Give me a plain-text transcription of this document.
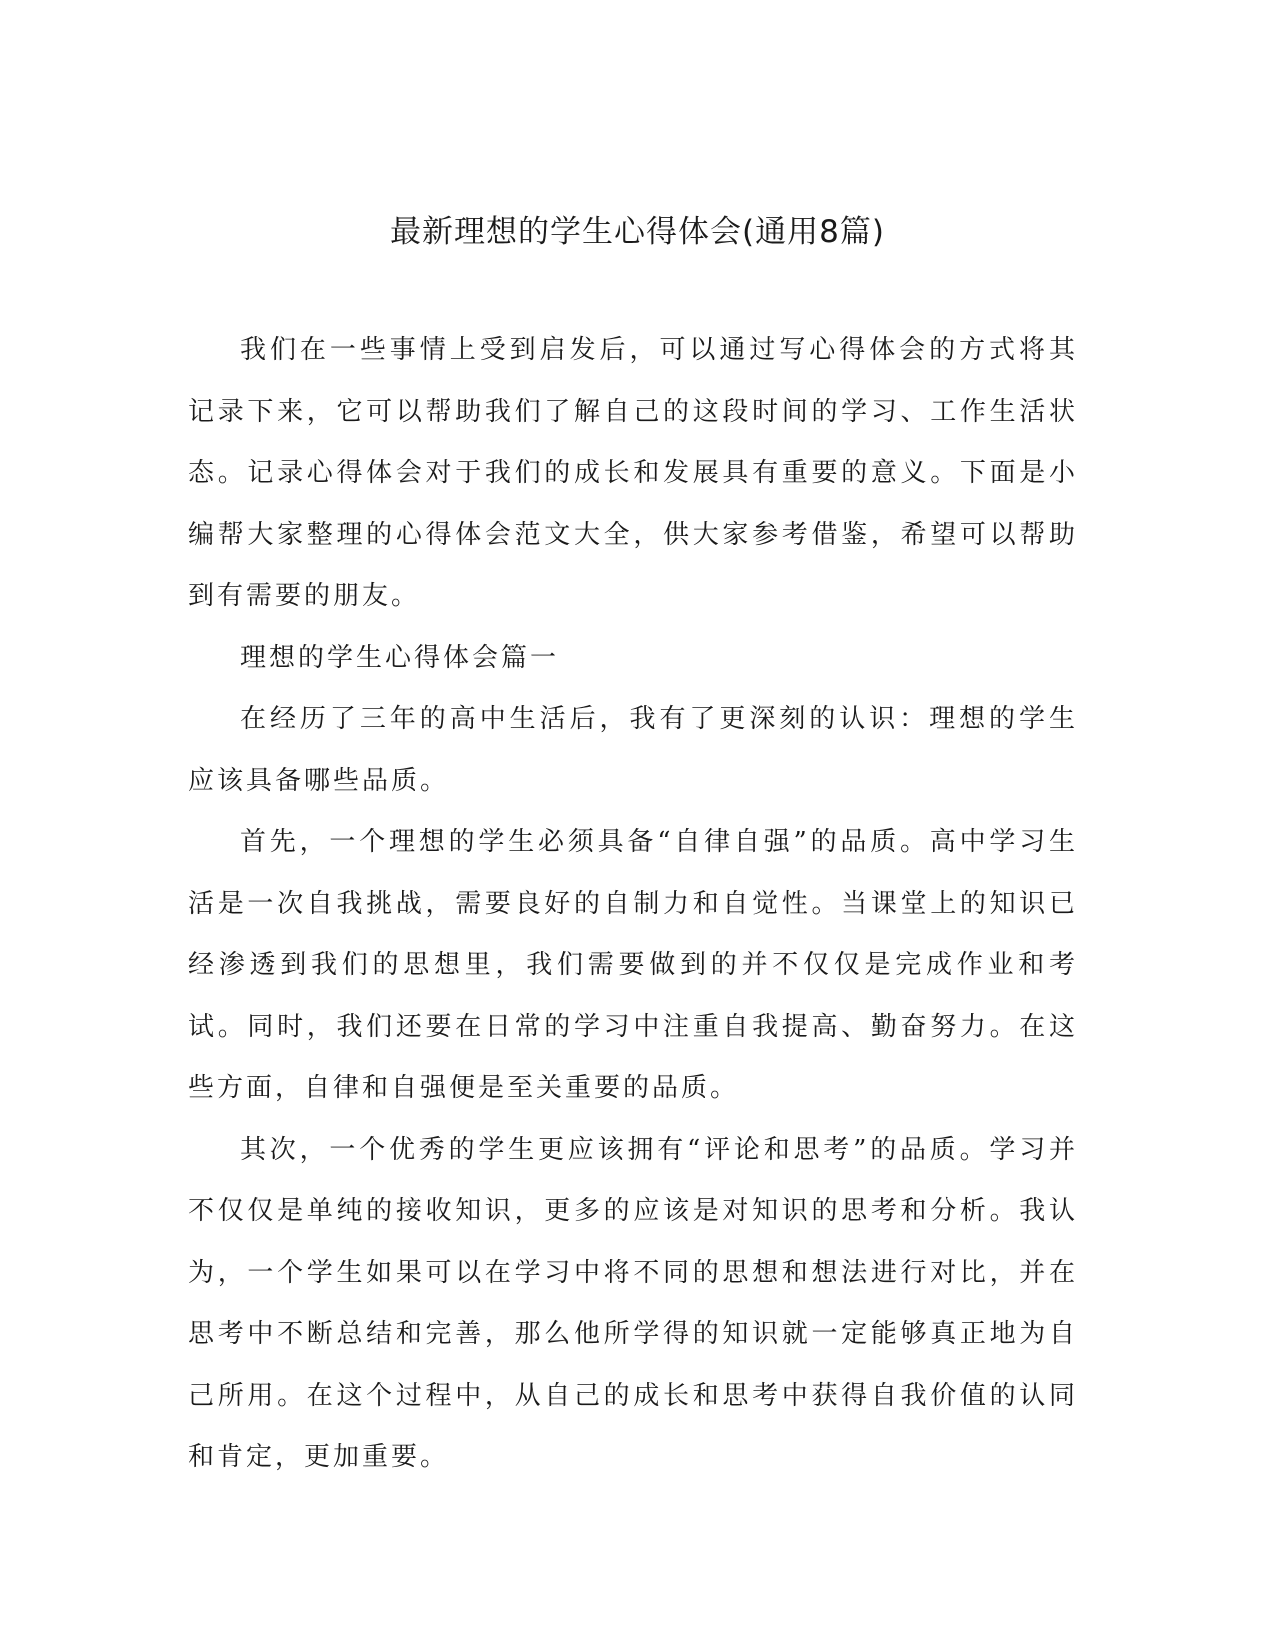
最新理想的学生心得体会(通用8篇)

我们在一些事情上受到启发后，可以通过写心得体会的方式将其记录下来，它可以帮助我们了解自己的这段时间的学习、工作生活状态。记录心得体会对于我们的成长和发展具有重要的意义。下面是小编帮大家整理的心得体会范文大全，供大家参考借鉴，希望可以帮助到有需要的朋友。

理想的学生心得体会篇一

在经历了三年的高中生活后，我有了更深刻的认识：理想的学生应该具备哪些品质。

首先，一个理想的学生必须具备“自律自强”的品质。高中学习生活是一次自我挑战，需要良好的自制力和自觉性。当课堂上的知识已经渗透到我们的思想里，我们需要做到的并不仅仅是完成作业和考试。同时，我们还要在日常的学习中注重自我提高、勤奋努力。在这些方面，自律和自强便是至关重要的品质。

其次，一个优秀的学生更应该拥有“评论和思考”的品质。学习并不仅仅是单纯的接收知识，更多的应该是对知识的思考和分析。我认为，一个学生如果可以在学习中将不同的思想和想法进行对比，并在思考中不断总结和完善，那么他所学得的知识就一定能够真正地为自己所用。在这个过程中，从自己的成长和思考中获得自我价值的认同和肯定，更加重要。
